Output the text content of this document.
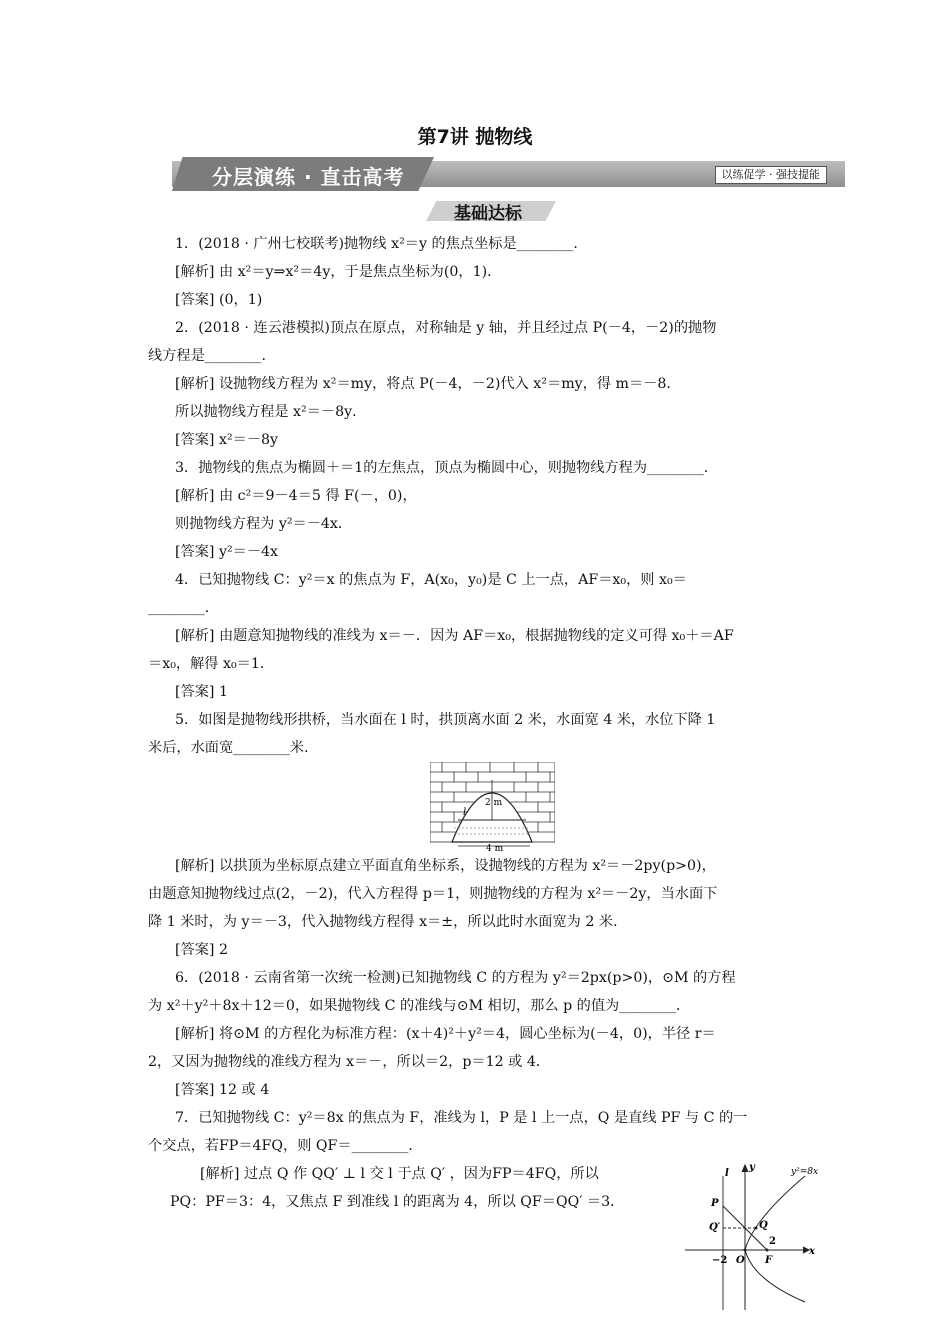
第7讲 抛物线
分层演练 · 直击高考	以练促学 · 强技提能
基础达标
1．(2018 · 广州七校联考)抛物线 x²＝y 的焦点坐标是________．
[解析] 由 x²＝y⇒x²＝4y，于是焦点坐标为(0，1)．
[答案] (0，1)
2．(2018 · 连云港模拟)顶点在原点，对称轴是 y 轴，并且经过点 P(－4，－2)的抛物
线方程是________．
[解析] 设抛物线方程为 x²＝my，将点 P(－4，－2)代入 x²＝my，得 m＝－8．
所以抛物线方程是 x²＝－8y．
[答案] x²＝－8y
3．抛物线的焦点为椭圆＋＝1的左焦点，顶点为椭圆中心，则抛物线方程为________．
[解析] 由 c²＝9－4＝5 得 F(－，0)，
则抛物线方程为 y²＝－4x．
[答案] y²＝－4x
4．已知抛物线 C：y²＝x 的焦点为 F，A(x₀，y₀)是 C 上一点，AF＝x₀，则 x₀＝
________．
[解析] 由题意知抛物线的准线为 x＝－．因为 AF＝x₀，根据抛物线的定义可得 x₀＋＝AF
＝x₀，解得 x₀＝1．
[答案] 1
5．如图是抛物线形拱桥，当水面在 l 时，拱顶离水面 2 米，水面宽 4 米，水位下降 1
米后，水面宽________米．
2 m
4 m
l
[解析] 以拱顶为坐标原点建立平面直角坐标系，设抛物线的方程为 x²＝－2py(p>0)，
由题意知抛物线过点(2，－2)，代入方程得 p＝1，则抛物线的方程为 x²＝－2y，当水面下
降 1 米时，为 y＝－3，代入抛物线方程得 x＝±，所以此时水面宽为 2 米．
[答案] 2
6．(2018 · 云南省第一次统一检测)已知抛物线 C 的方程为 y²＝2px(p>0)，⊙M 的方程
为 x²＋y²＋8x＋12＝0，如果抛物线 C 的准线与⊙M 相切，那么 p 的值为________．
[解析] 将⊙M 的方程化为标准方程：(x＋4)²＋y²＝4，圆心坐标为(－4，0)，半径 r＝
2，又因为抛物线的准线方程为 x＝－，所以＝2，p＝12 或 4．
[答案] 12 或 4
7．已知抛物线 C：y²＝8x 的焦点为 F，准线为 l，P 是 l 上一点，Q 是直线 PF 与 C 的一
个交点，若FP＝4FQ，则 QF＝________．
[解析] 过点 Q 作 QQ′ ⊥ l 交 l 于点 Q′ ，因为FP＝4FQ，所以
PQ：PF＝3：4，又焦点 F 到准线 l 的距离为 4，所以 QF＝QQ′ ＝3．
y²=8x
y
x
l
P
Q′	Q
O F
−2
2
